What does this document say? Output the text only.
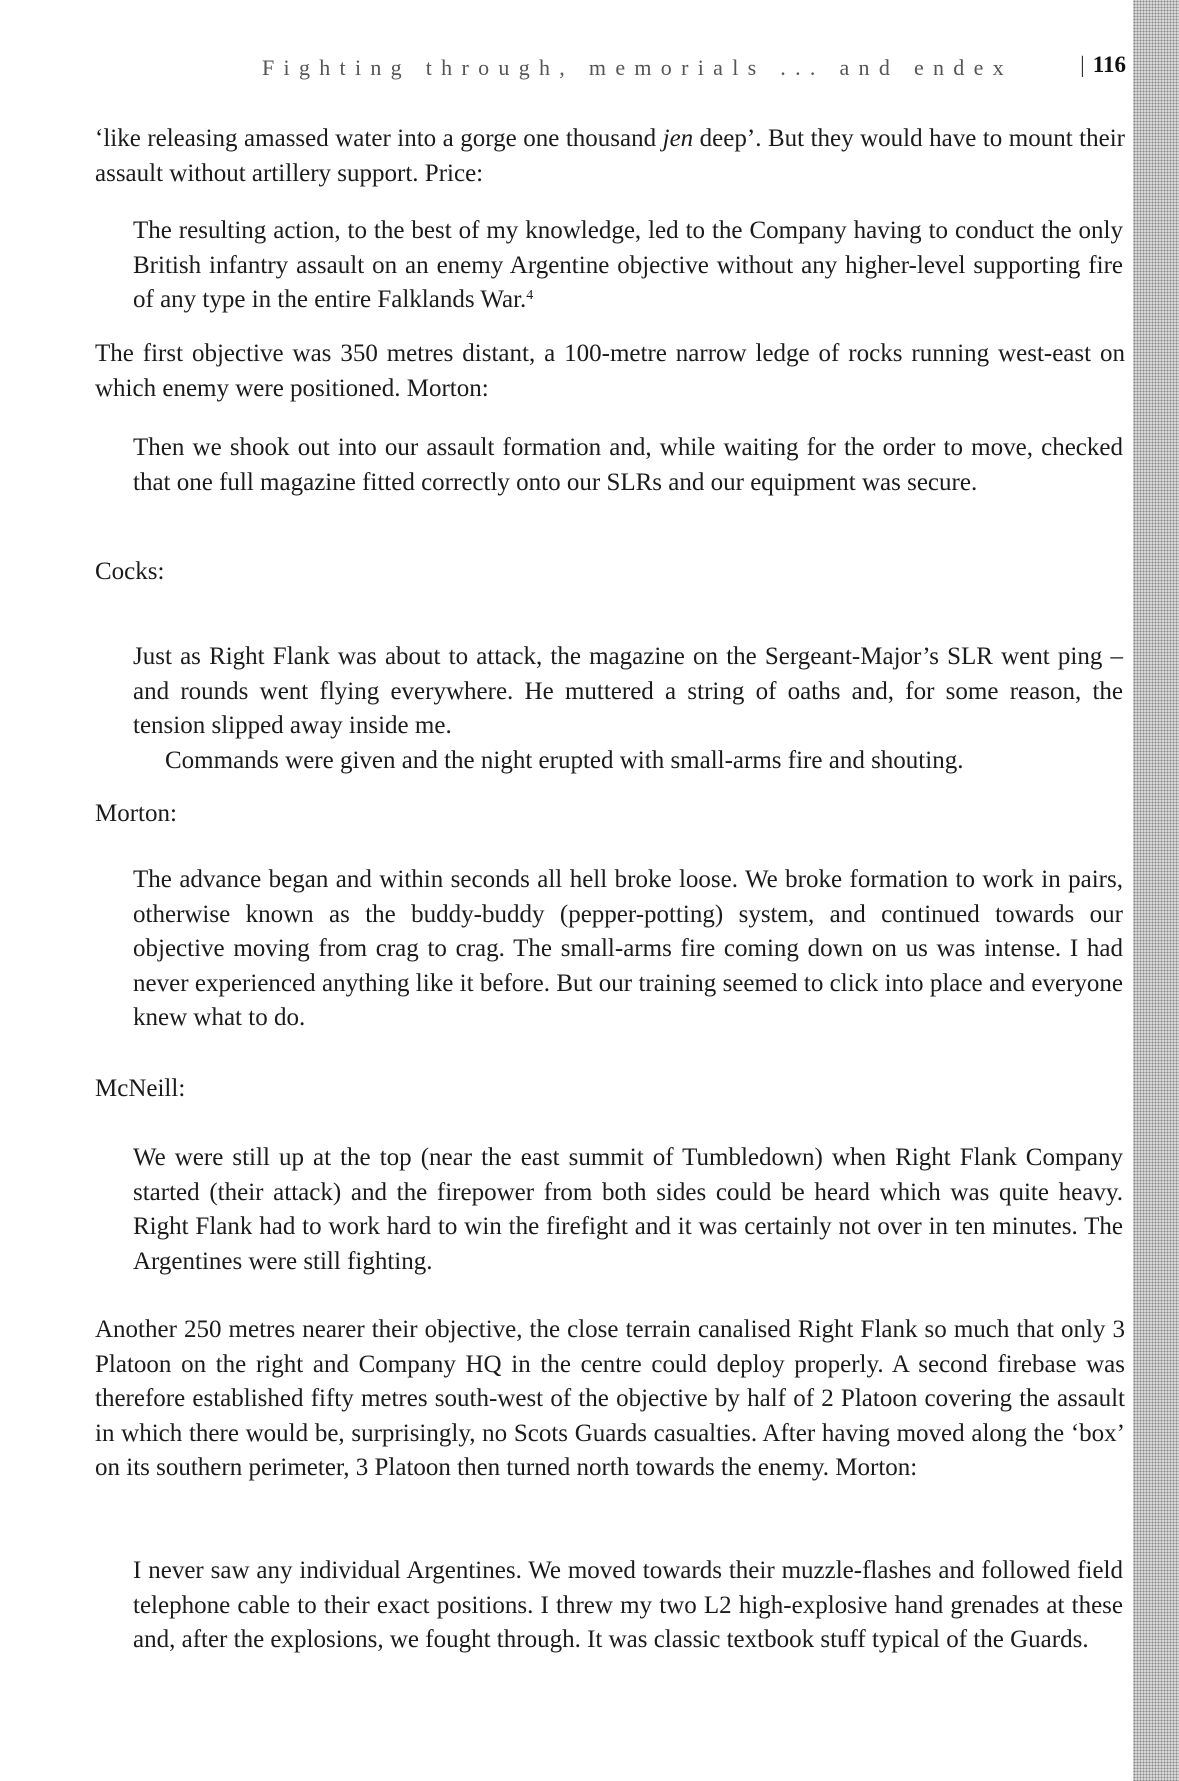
Fighting through, memorials ... and endex
|	116

‘like releasing amassed water into a gorge one thousand jen deep’. But they would have to mount their assault without artillery support. Price:

The resulting action, to the best of my knowledge, led to the Company having to conduct the only British infantry assault on an enemy Argentine objective without any higher-level supporting fire of any type in the entire Falklands War.$^4$

The first objective was 350 metres distant, a 100-metre narrow ledge of rocks running west-east on which enemy were positioned. Morton:

Then we shook out into our assault formation and, while waiting for the order to move, checked that one full magazine fitted correctly onto our SLRs and our equipment was secure.

Cocks:

Just as Right Flank was about to attack, the magazine on the Sergeant-Major’s SLR went ping – and rounds went flying everywhere. He muttered a string of oaths and, for some reason, the tension slipped away inside me.
Commands were given and the night erupted with small-arms fire and shouting.

Morton:

The advance began and within seconds all hell broke loose. We broke formation to work in pairs, otherwise known as the buddy-buddy (pepper-potting) system, and continued towards our objective moving from crag to crag. The small-arms fire coming down on us was intense. I had never experienced anything like it before. But our training seemed to click into place and everyone knew what to do.

McNeill:

We were still up at the top (near the east summit of Tumbledown) when Right Flank Company started (their attack) and the firepower from both sides could be heard which was quite heavy. Right Flank had to work hard to win the firefight and it was certainly not over in ten minutes. The Argentines were still fighting.

Another 250 metres nearer their objective, the close terrain canalised Right Flank so much that only 3 Platoon on the right and Company HQ in the centre could deploy properly. A second firebase was therefore established fifty metres south-west of the objective by half of 2 Platoon covering the assault in which there would be, surprisingly, no Scots Guards casualties. After having moved along the ‘box’ on its southern perimeter, 3 Platoon then turned north towards the enemy. Morton:

I never saw any individual Argentines. We moved towards their muzzle-flashes and followed field telephone cable to their exact positions. I threw my two L2 high-explosive hand grenades at these and, after the explosions, we fought through. It was classic textbook stuff typical of the Guards.
